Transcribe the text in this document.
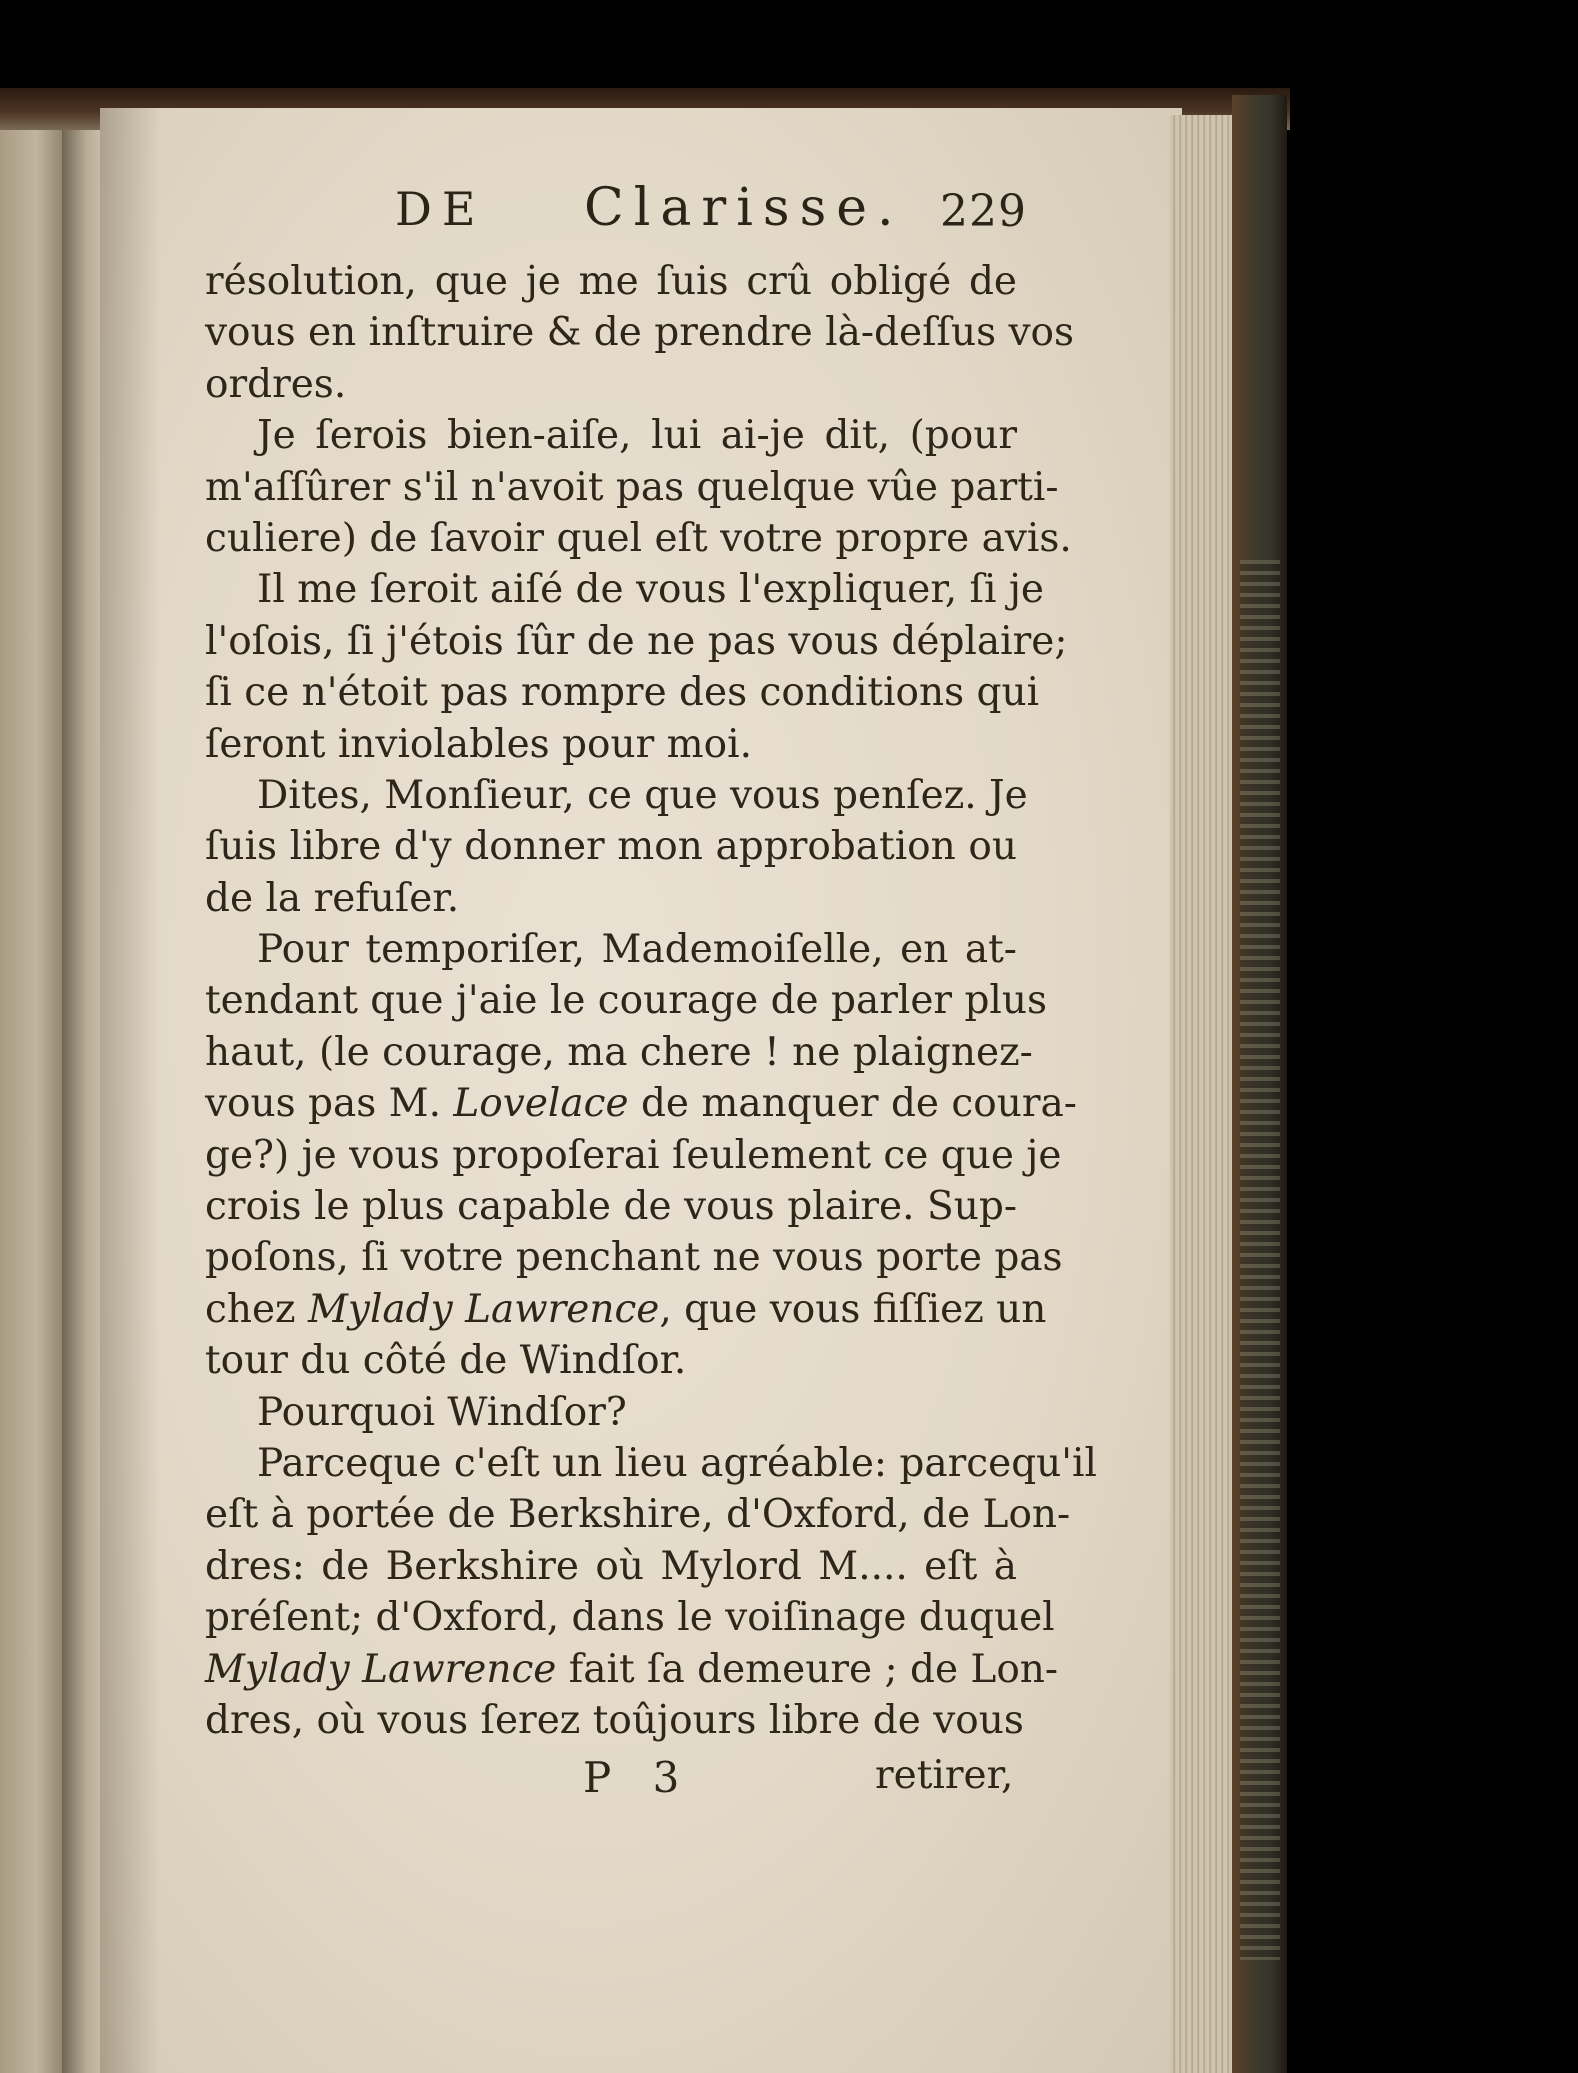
DE Clarisse. 229
résolution, que je me ſuis crû obligé de
vous en inſtruire & de prendre là-deſſus vos
ordres.
Je ſerois bien-aiſe, lui ai-je dit, (pour
m'aſſûrer s'il n'avoit pas quelque vûe parti-
culiere) de ſavoir quel eſt votre propre avis.
Il me ſeroit aiſé de vous l'expliquer, ſi je
l'oſois, ſi j'étois ſûr de ne pas vous déplaire;
ſi ce n'étoit pas rompre des conditions qui
ſeront inviolables pour moi.
Dites, Monſieur, ce que vous penſez. Je
ſuis libre d'y donner mon approbation ou
de la refuſer.
Pour temporiſer, Mademoiſelle, en at-
tendant que j'aie le courage de parler plus
haut, (le courage, ma chere ! ne plaignez-
vous pas M. Lovelace de manquer de coura-
ge?) je vous propoſerai ſeulement ce que je
crois le plus capable de vous plaire. Sup-
poſons, ſi votre penchant ne vous porte pas
chez Mylady Lawrence, que vous fiſſiez un
tour du côté de Windſor.
Pourquoi Windſor?
Parceque c'eſt un lieu agréable: parcequ'il
eſt à portée de Berkshire, d'Oxford, de Lon-
dres: de Berkshire où Mylord M.... eſt à
préſent; d'Oxford, dans le voiſinage duquel
Mylady Lawrence fait ſa demeure ; de Lon-
dres, où vous ſerez toûjours libre de vous
P 3	retirer,
